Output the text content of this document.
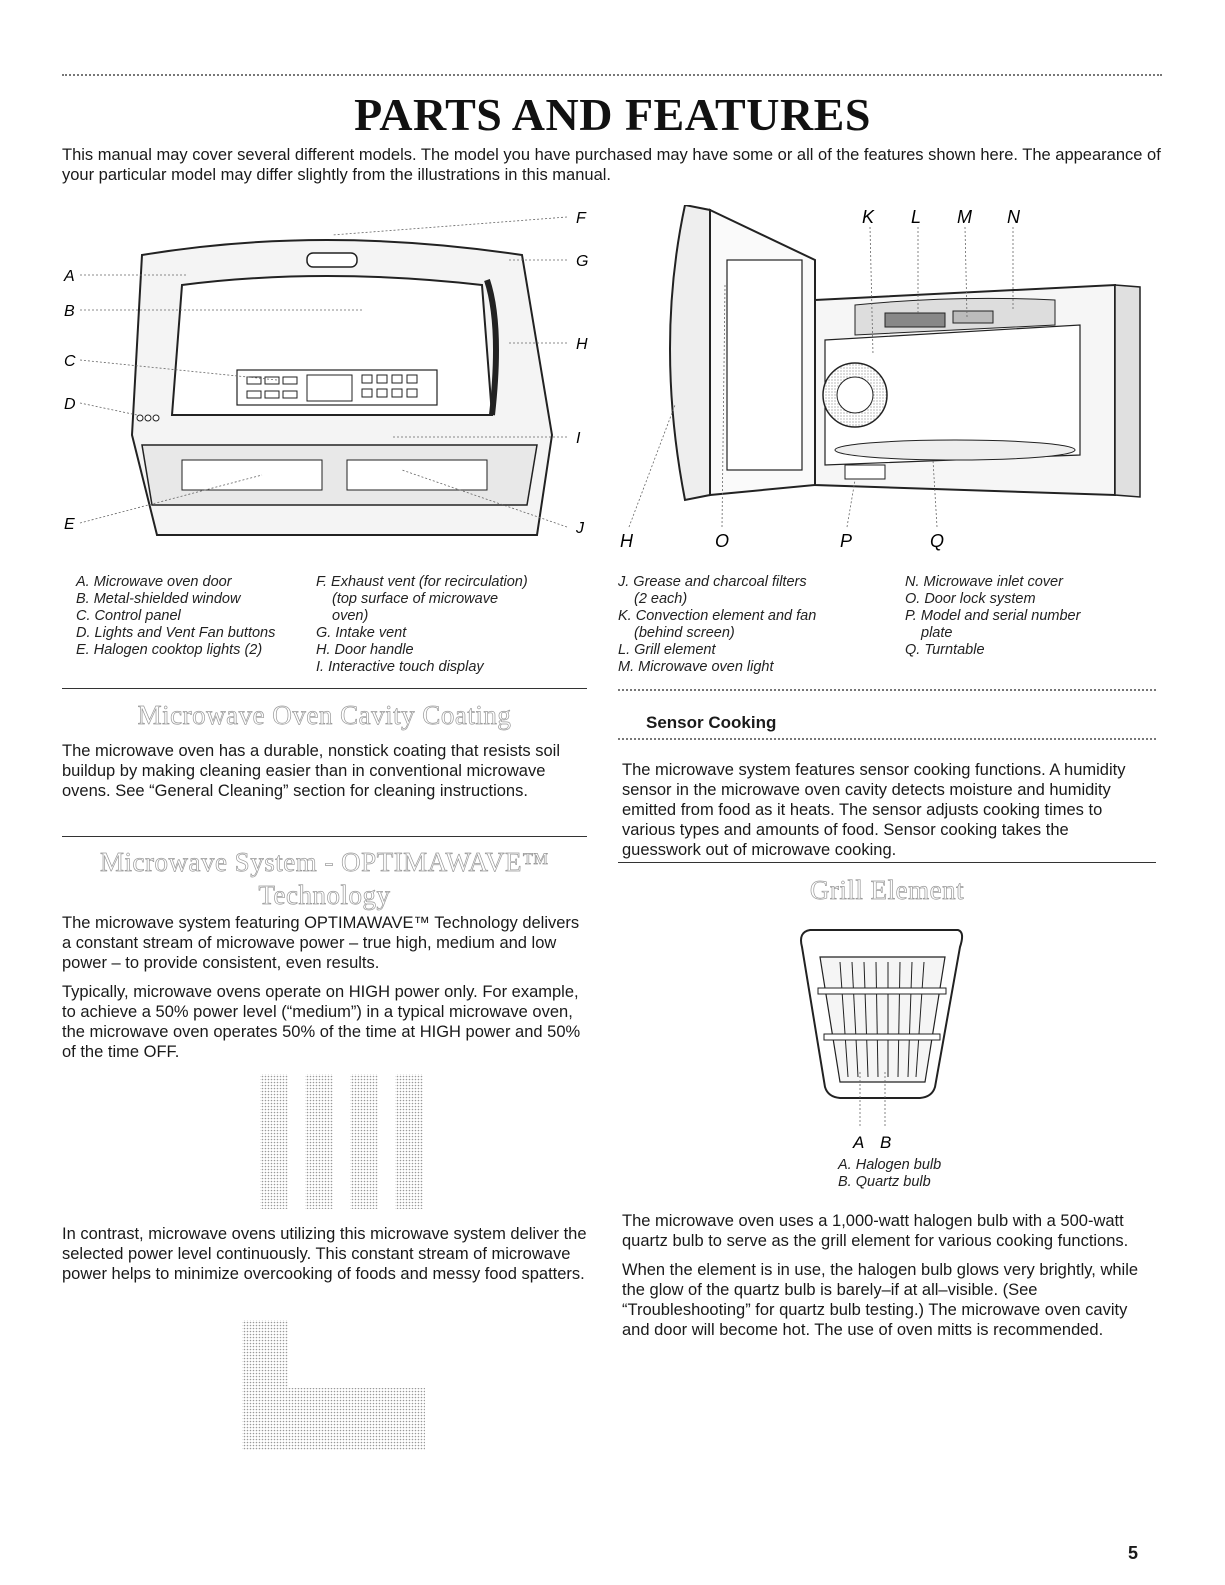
PARTS AND FEATURES
This manual may cover several different models. The model you have purchased may have some or all of the features shown here. The appearance of your particular model may differ slightly from the illustrations in this manual.
A
B
C
D
E
F
G
H
I
J
K L M N
H	O	P	Q
A. Microwave oven door
B. Metal-shielded window
C. Control panel
D. Lights and Vent Fan buttons
E. Halogen cooktop lights (2)
F. Exhaust vent (for recirculation)
(top surface of microwave
oven)
G. Intake vent
H. Door handle
I. Interactive touch display
J. Grease and charcoal filters
(2 each)
K. Convection element and fan
(behind screen)
L. Grill element
M. Microwave oven light
N. Microwave inlet cover
O. Door lock system
P. Model and serial number
plate
Q. Turntable
Microwave Oven Cavity Coating
The microwave oven has a durable, nonstick coating that resists soil buildup by making cleaning easier than in conventional microwave ovens. See “General Cleaning” section for cleaning instructions.
Microwave System - OPTIMAWAVE™
Technology

The microwave system featuring OPTIMAWAVE™ Technology delivers a constant stream of microwave power – true high, medium and low power – to provide consistent, even results.

Typically, microwave ovens operate on HIGH power only. For example, to achieve a 50% power level (“medium”) in a typical microwave oven, the microwave oven operates 50% of the time at HIGH power and 50% of the time OFF.

In contrast, microwave ovens utilizing this microwave system deliver the selected power level continuously. This constant stream of microwave power helps to minimize overcooking of foods and messy food spatters.
Sensor Cooking
The microwave system features sensor cooking functions. A humidity sensor in the microwave oven cavity detects moisture and humidity emitted from food as it heats. The sensor adjusts cooking times to various types and amounts of food. Sensor cooking takes the guesswork out of microwave cooking.
Grill Element
A B
A. Halogen bulb
B. Quartz bulb

The microwave oven uses a 1,000-watt halogen bulb with a 500-watt quartz bulb to serve as the grill element for various cooking functions.

When the element is in use, the halogen bulb glows very brightly, while the glow of the quartz bulb is barely–if at all–visible. (See “Troubleshooting” for quartz bulb testing.) The microwave oven cavity and door will become hot. The use of oven mitts is recommended.

5
